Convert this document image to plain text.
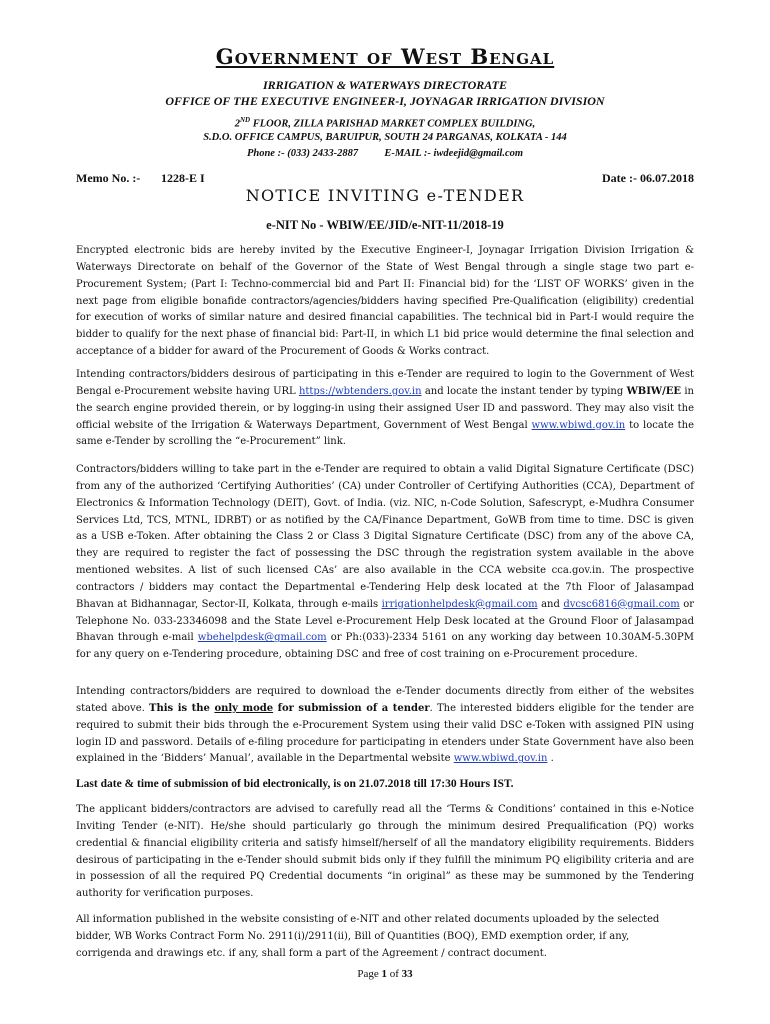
Government of West Bengal
IRRIGATION & WATERWAYS DIRECTORATE
OFFICE OF THE EXECUTIVE ENGINEER-I, JOYNAGAR IRRIGATION DIVISION
2ND FLOOR, ZILLA PARISHAD MARKET COMPLEX BUILDING,
S.D.O. OFFICE CAMPUS, BARUIPUR, SOUTH 24 PARGANAS, KOLKATA - 144
Phone :- (033) 2433-2887          E-MAIL :- iwdeejid@gmail.com
Memo No. :- 1228-E I	Date :- 06.07.2018
NOTICE INVITING e-TENDER
e-NIT No - WBIW/EE/JID/e-NIT-11/2018-19

Encrypted electronic bids are hereby invited by the Executive Engineer-I, Joynagar Irrigation Division Irrigation & Waterways Directorate on behalf of the Governor of the State of West Bengal through a single stage two part e-Procurement System; (Part I: Techno-commercial bid and Part II: Financial bid) for the ‘LIST OF WORKS’ given in the next page from eligible bonafide contractors/agencies/bidders having specified Pre-Qualification (eligibility) credential for execution of works of similar nature and desired financial capabilities. The technical bid in Part-I would require the bidder to qualify for the next phase of financial bid: Part-II, in which L1 bid price would determine the final selection and acceptance of a bidder for award of the Procurement of Goods & Works contract.

Intending contractors/bidders desirous of participating in this e-Tender are required to login to the Government of West Bengal e-Procurement website having URL https://wbtenders.gov.in and locate the instant tender by typing WBIW/EE in the search engine provided therein, or by logging-in using their assigned User ID and password. They may also visit the official website of the Irrigation & Waterways Department, Government of West Bengal www.wbiwd.gov.in to locate the same e-Tender by scrolling the “e-Procurement” link.

Contractors/bidders willing to take part in the e-Tender are required to obtain a valid Digital Signature Certificate (DSC) from any of the authorized ‘Certifying Authorities’ (CA) under Controller of Certifying Authorities (CCA), Department of Electronics & Information Technology (DEIT), Govt. of India. (viz. NIC, n-Code Solution, Safescrypt, e-Mudhra Consumer Services Ltd, TCS, MTNL, IDRBT) or as notified by the CA/Finance Department, GoWB from time to time. DSC is given as a USB e-Token. After obtaining the Class 2 or Class 3 Digital Signature Certificate (DSC) from any of the above CA, they are required to register the fact of possessing the DSC through the registration system available in the above mentioned websites. A list of such licensed CAs’ are also available in the CCA website cca.gov.in. The prospective contractors / bidders may contact the Departmental e-Tendering Help desk located at the 7th Floor of Jalasampad Bhavan at Bidhannagar, Sector-II, Kolkata, through e-mails irrigationhelpdesk@gmail.com and dvcsc6816@gmail.com or Telephone No. 033-23346098 and the State Level e-Procurement Help Desk located at the Ground Floor of Jalasampad Bhavan through e-mail wbehelpdesk@gmail.com or Ph:(033)-2334 5161 on any working day between 10.30AM-5.30PM for any query on e-Tendering procedure, obtaining DSC and free of cost training on e-Procurement procedure.

Intending contractors/bidders are required to download the e-Tender documents directly from either of the websites stated above. This is the only mode for submission of a tender. The interested bidders eligible for the tender are required to submit their bids through the e-Procurement System using their valid DSC e-Token with assigned PIN using login ID and password. Details of e-filing procedure for participating in etenders under State Government have also been explained in the ‘Bidders’ Manual’, available in the Departmental website www.wbiwd.gov.in .

Last date & time of submission of bid electronically, is on 21.07.2018 till 17:30 Hours IST.

The applicant bidders/contractors are advised to carefully read all the ‘Terms & Conditions’ contained in this e-Notice Inviting Tender (e-NIT). He/she should particularly go through the minimum desired Prequalification (PQ) works credential & financial eligibility criteria and satisfy himself/herself of all the mandatory eligibility requirements. Bidders desirous of participating in the e-Tender should submit bids only if they fulfill the minimum PQ eligibility criteria and are in possession of all the required PQ Credential documents “in original” as these may be summoned by the Tendering authority for verification purposes.

All information published in the website consisting of e-NIT and other related documents uploaded by the selected

bidder, WB Works Contract Form No. 2911(i)/2911(ii), Bill of Quantities (BOQ), EMD exemption order, if any,

corrigenda and drawings etc. if any, shall form a part of the Agreement / contract document.

Page 1 of 33
